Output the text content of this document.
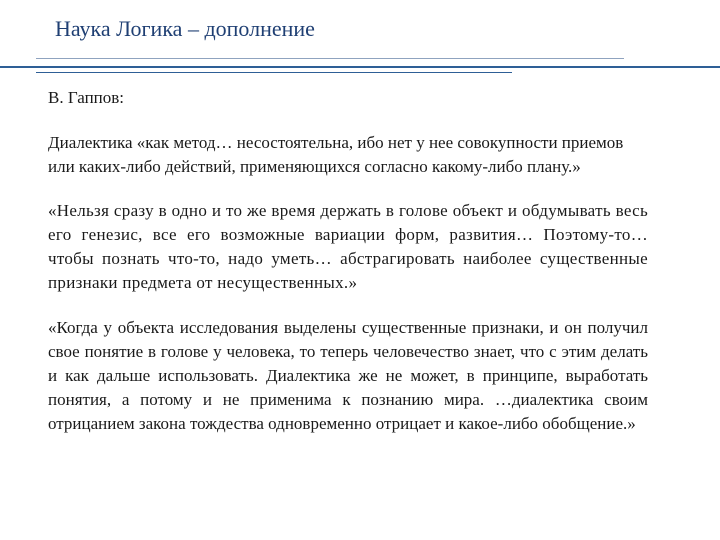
Наука Логика – дополнение

В. Гаппов:

Диалектика «как метод… несостоятельна, ибо нет у нее совокупности приемов или каких-либо действий, применяющихся согласно какому-либо плану.»

«Нельзя сразу в одно и то же время держать в голове объект и обдумывать весь его генезис, все его возможные вариации форм, развития… Поэтому-то… чтобы познать что-то, надо уметь… абстрагировать наиболее существенные признаки предмета от несущественных.»

«Когда у объекта исследования выделены существенные признаки, и он получил свое понятие в голове у человека, то теперь человечество знает, что с этим делать и как дальше использовать. Диалектика же не может, в принципе, выработать понятия, а потому и не применима к познанию мира. …диалектика своим отрицанием закона тождества одновременно отрицает и какое-либо обобщение.»
